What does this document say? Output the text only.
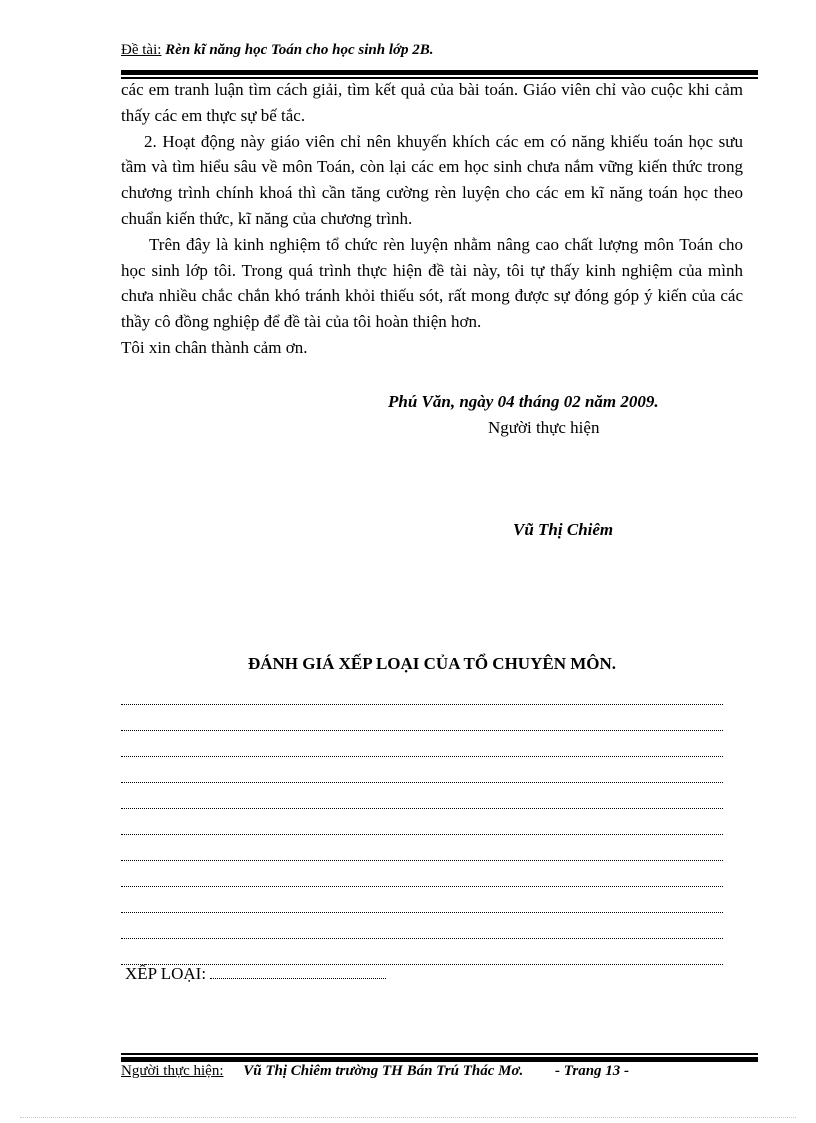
Đề tài: Rèn kĩ năng học Toán cho học sinh lớp 2B.

các em tranh luận tìm cách giải, tìm kết quả của bài toán. Giáo viên chỉ vào cuộc khi cảm thấy các em thực sự bế tắc.

2. Hoạt động này giáo viên chỉ nên khuyến khích các em có năng khiếu toán học sưu tầm và tìm hiểu sâu về môn Toán, còn lại các em học sinh chưa nắm vững kiến thức trong chương trình chính khoá thì cần tăng cường rèn luyện cho các em kĩ năng toán học theo chuẩn kiến thức, kĩ năng của chương trình.

Trên đây là kinh nghiệm tổ chức rèn luyện nhằm nâng cao chất lượng môn Toán cho học sinh lớp tôi. Trong quá trình thực hiện đề tài này, tôi tự thấy kinh nghiệm của mình chưa nhiều chắc chắn khó tránh khỏi thiếu sót, rất mong được sự đóng góp ý kiến của các thầy cô đồng nghiệp để đề tài của tôi hoàn thiện hơn.

Tôi xin chân thành cảm ơn.

Phú Văn, ngày 04 tháng 02 năm 2009.
Người thực hiện
Vũ Thị Chiêm
ĐÁNH GIÁ XẾP LOẠI CỦA TỔ CHUYÊN MÔN.
XẾP LOẠI:
Người thực hiện: Vũ Thị Chiêm trường TH Bán Trú Thác Mơ. - Trang 13 -
